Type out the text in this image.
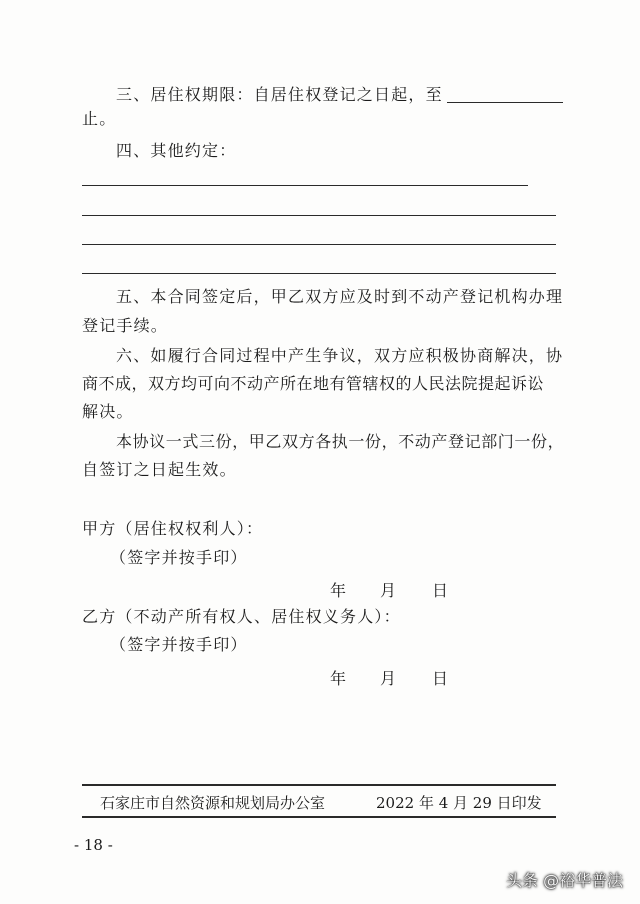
三、居住权期限：自居住权登记之日起，至
止。
四、其他约定：
五、本合同签定后，甲乙双方应及时到不动产登记机构办理
登记手续。
六、如履行合同过程中产生争议，双方应积极协商解决，协
商不成，双方均可向不动产所在地有管辖权的人民法院提起诉讼
解决。
本协议一式三份，甲乙双方各执一份，不动产登记部门一份，
自签订之日起生效。
甲方（居住权权利人）：
（签字并按手印）
年 月 日
乙方（不动产所有权人、居住权义务人）：
（签字并按手印）
年 月 日
石家庄市自然资源和规划局办公室	2022 年 4 月 29 日印发
- 18 -
头条 @裕华普法
